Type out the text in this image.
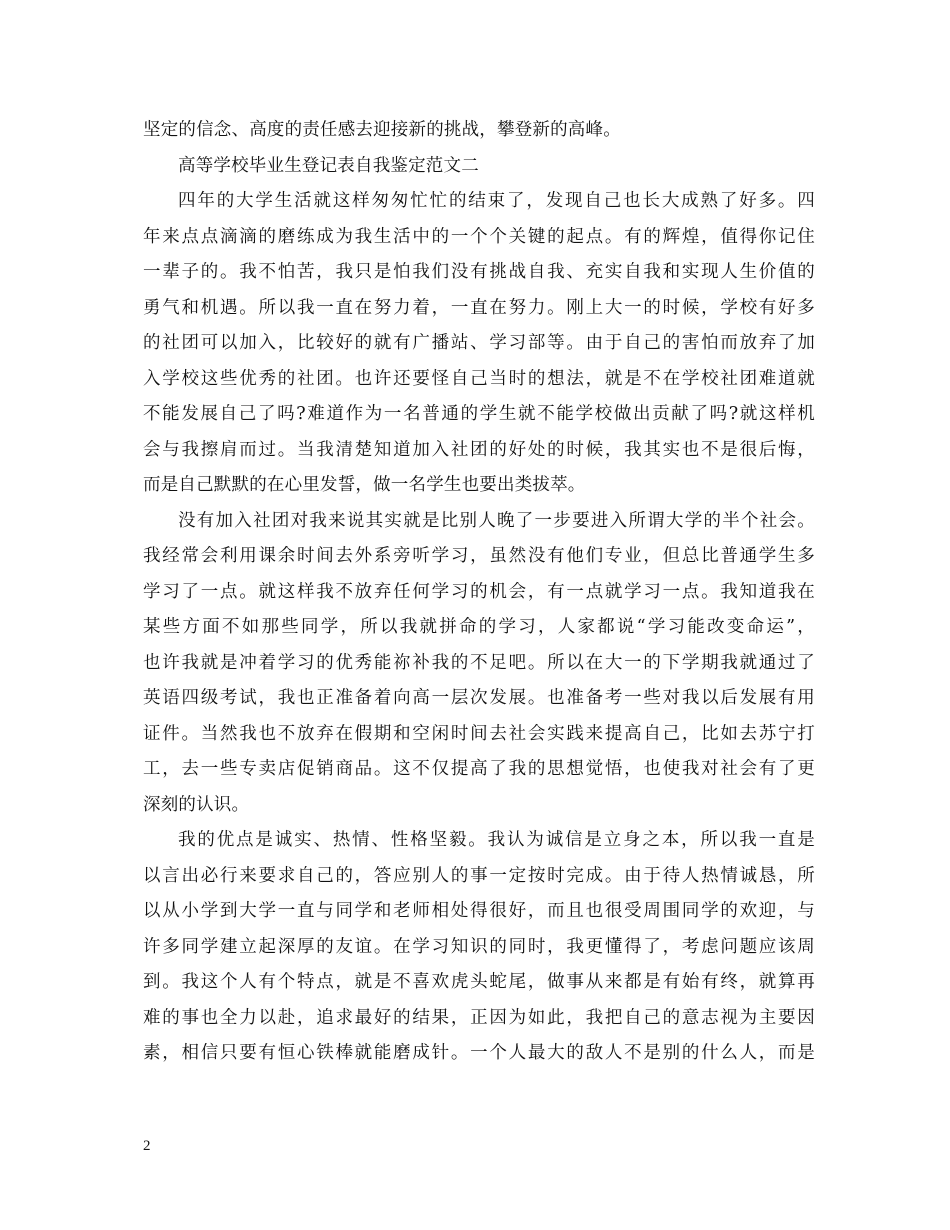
坚定的信念、高度的责任感去迎接新的挑战，攀登新的高峰。
高等学校毕业生登记表自我鉴定范文二
四年的大学生活就这样匆匆忙忙的结束了，发现自己也长大成熟了好多。四
年来点点滴滴的磨练成为我生活中的一个个关键的起点。有的辉煌，值得你记住
一辈子的。我不怕苦，我只是怕我们没有挑战自我、充实自我和实现人生价值的
勇气和机遇。所以我一直在努力着，一直在努力。刚上大一的时候，学校有好多
的社团可以加入，比较好的就有广播站、学习部等。由于自己的害怕而放弃了加
入学校这些优秀的社团。也许还要怪自己当时的想法，就是不在学校社团难道就
不能发展自己了吗?难道作为一名普通的学生就不能学校做出贡献了吗?就这样机
会与我擦肩而过。当我清楚知道加入社团的好处的时候，我其实也不是很后悔，
而是自己默默的在心里发誓，做一名学生也要出类拔萃。
没有加入社团对我来说其实就是比别人晚了一步要进入所谓大学的半个社会。
我经常会利用课余时间去外系旁听学习，虽然没有他们专业，但总比普通学生多
学习了一点。就这样我不放弃任何学习的机会，有一点就学习一点。我知道我在
某些方面不如那些同学，所以我就拼命的学习，人家都说“学习能改变命运”，
也许我就是冲着学习的优秀能祢补我的不足吧。所以在大一的下学期我就通过了
英语四级考试，我也正准备着向高一层次发展。也准备考一些对我以后发展有用
证件。当然我也不放弃在假期和空闲时间去社会实践来提高自己，比如去苏宁打
工，去一些专卖店促销商品。这不仅提高了我的思想觉悟，也使我对社会有了更
深刻的认识。
我的优点是诚实、热情、性格坚毅。我认为诚信是立身之本，所以我一直是
以言出必行来要求自己的，答应别人的事一定按时完成。由于待人热情诚恳，所
以从小学到大学一直与同学和老师相处得很好，而且也很受周围同学的欢迎，与
许多同学建立起深厚的友谊。在学习知识的同时，我更懂得了，考虑问题应该周
到。我这个人有个特点，就是不喜欢虎头蛇尾，做事从来都是有始有终，就算再
难的事也全力以赴，追求最好的结果，正因为如此，我把自己的意志视为主要因
素，相信只要有恒心铁棒就能磨成针。一个人最大的敌人不是别的什么人，而是
2
